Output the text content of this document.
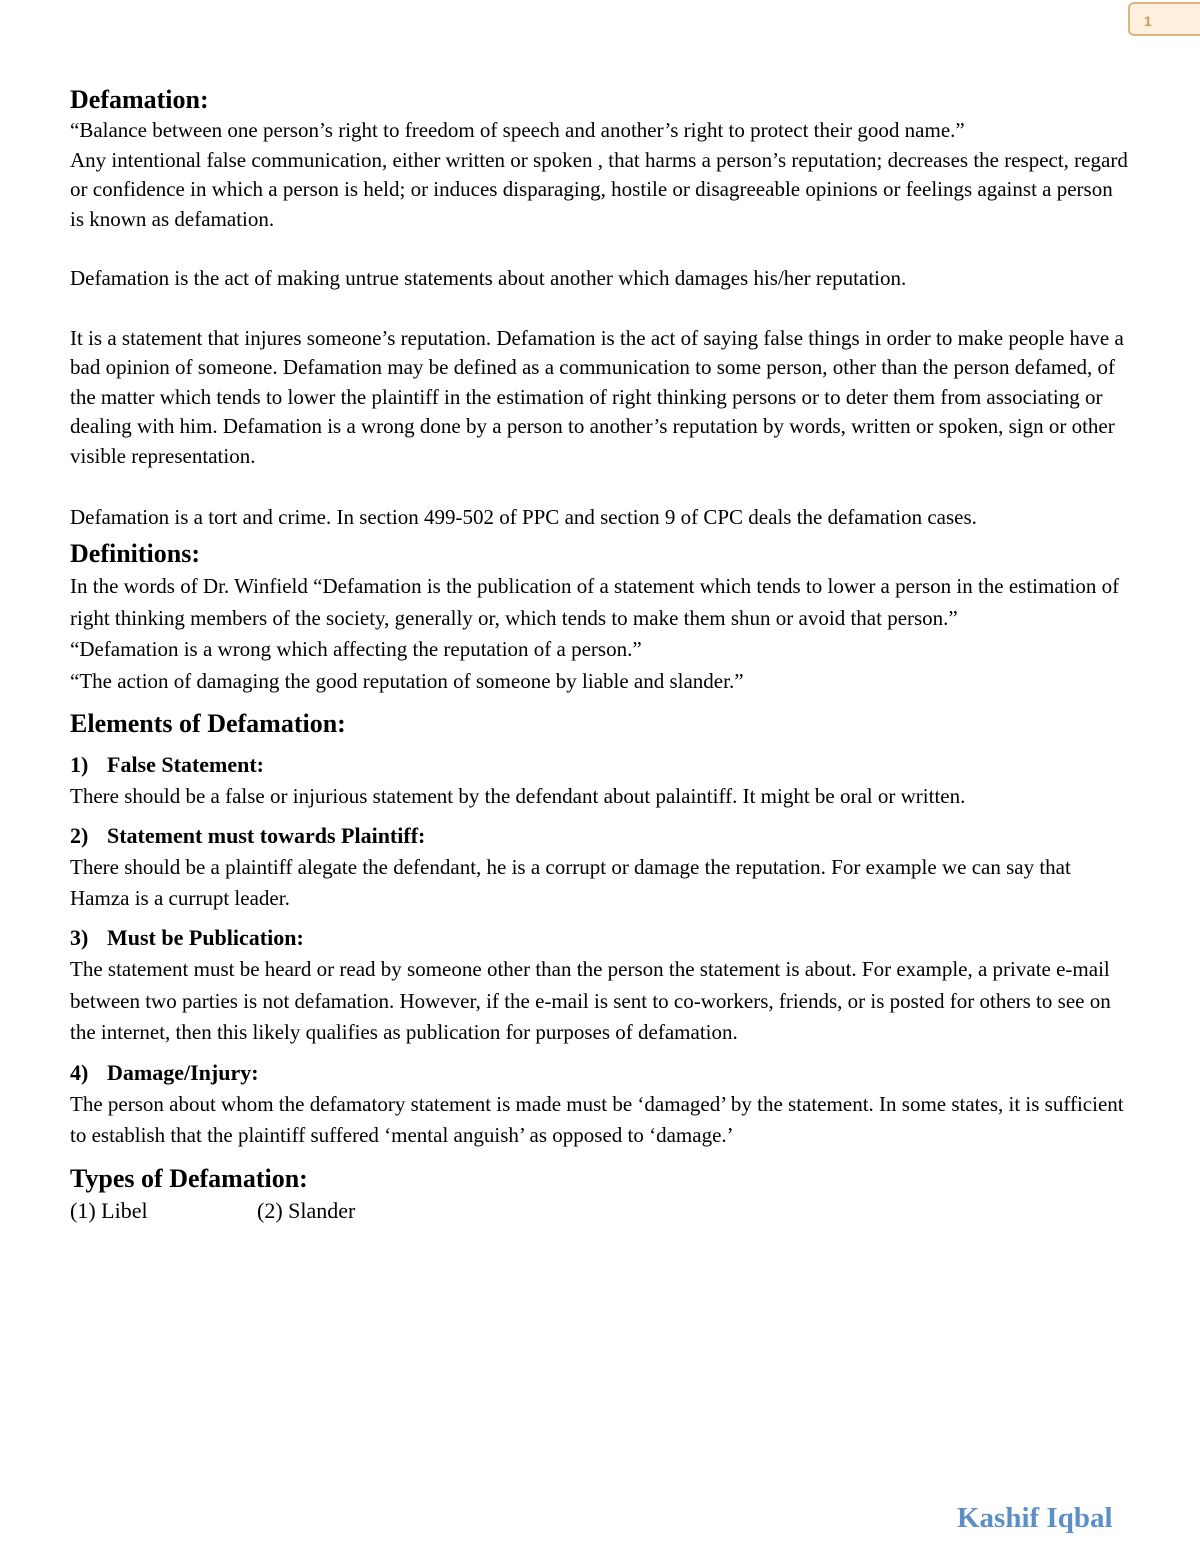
1
Defamation:

“Balance between one person’s right to freedom of speech and another’s right to protect their good name.”

Any intentional false communication, either written or spoken , that harms a person’s reputation; decreases the respect, regard or confidence in which a person is held; or induces disparaging, hostile or disagreeable opinions or feelings against a person is known as defamation.

Defamation is the act of making untrue statements about another which damages his/her reputation.

It is a statement that injures someone’s reputation. Defamation is the act of saying false things in order to make people have a bad opinion of someone. Defamation may be defined as a communication to some person, other than the person defamed, of the matter which tends to lower the plaintiff in the estimation of right thinking persons or to deter them from associating or dealing with him. Defamation is a wrong done by a person to another’s reputation by words, written or spoken, sign or other visible representation.

Defamation is a tort and crime. In section 499-502 of PPC and section 9 of CPC deals the defamation cases.

Definitions:

In the words of Dr. Winfield “Defamation is the publication of a statement which tends to lower a person in the estimation of right thinking members of the society, generally or, which tends to make them shun or avoid that person.”

“Defamation is a wrong which affecting the reputation of a person.”

“The action of damaging the good reputation of someone by liable and slander.”

Elements of Defamation:
1) False Statement:

There should be a false or injurious statement by the defendant about palaintiff. It might be oral or written.

2) Statement must towards Plaintiff:

There should be a plaintiff alegate the defendant, he is a corrupt or damage the reputation. For example we can say that Hamza is a currupt leader.

3) Must be Publication:

The statement must be heard or read by someone other than the person the statement is about. For example, a private e-mail between two parties is not defamation. However, if the e-mail is sent to co-workers, friends, or is posted for others to see on the internet, then this likely qualifies as publication for purposes of defamation.

4) Damage/Injury:

The person about whom the defamatory statement is made must be ‘damaged’ by the statement. In some states, it is sufficient to establish that the plaintiff suffered ‘mental anguish’ as opposed to ‘damage.’

Types of Defamation:
(1) Libel	(2) Slander
Kashif Iqbal
